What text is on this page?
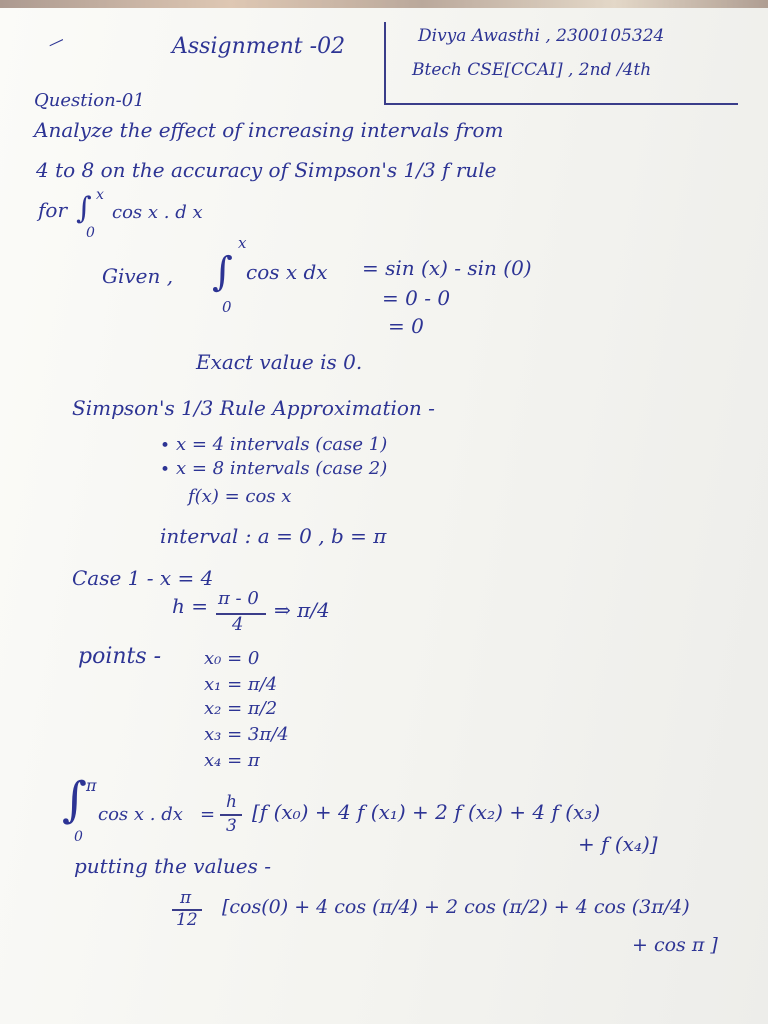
—	Assignment -02	Divya Awasthi , 2300105324
Btech CSE[CCAI] , 2nd /4th
Question-01
Analyze the effect of increasing intervals from
4 to 8 on the accuracy of Simpson's 1/3 f rule
for ∫ x
0
cos x . d x
Given , ∫
x
0
cos x dx = sin (x) - sin (0)
= 0 - 0
= 0
Exact value is 0.
Simpson's 1/3 Rule Approximation -
• x = 4 intervals (case 1)
• x = 8 intervals (case 2)
f(x) = cos x
interval : a = 0 , b = π
Case 1 - x = 4
h = π - 0
4
⇒ π/4
points - x₀ = 0
x₁ = π/4
x₂ = π/2
x₃ = 3π/4
x₄ = π
∫
π
0
cos x . dx =
h
3
[f (x₀) + 4 f (x₁) + 2 f (x₂) + 4 f (x₃)
+ f (x₄)]
putting the values -
π
12
[cos(0) + 4 cos (π/4) + 2 cos (π/2) + 4 cos (3π/4)
+ cos π ]
